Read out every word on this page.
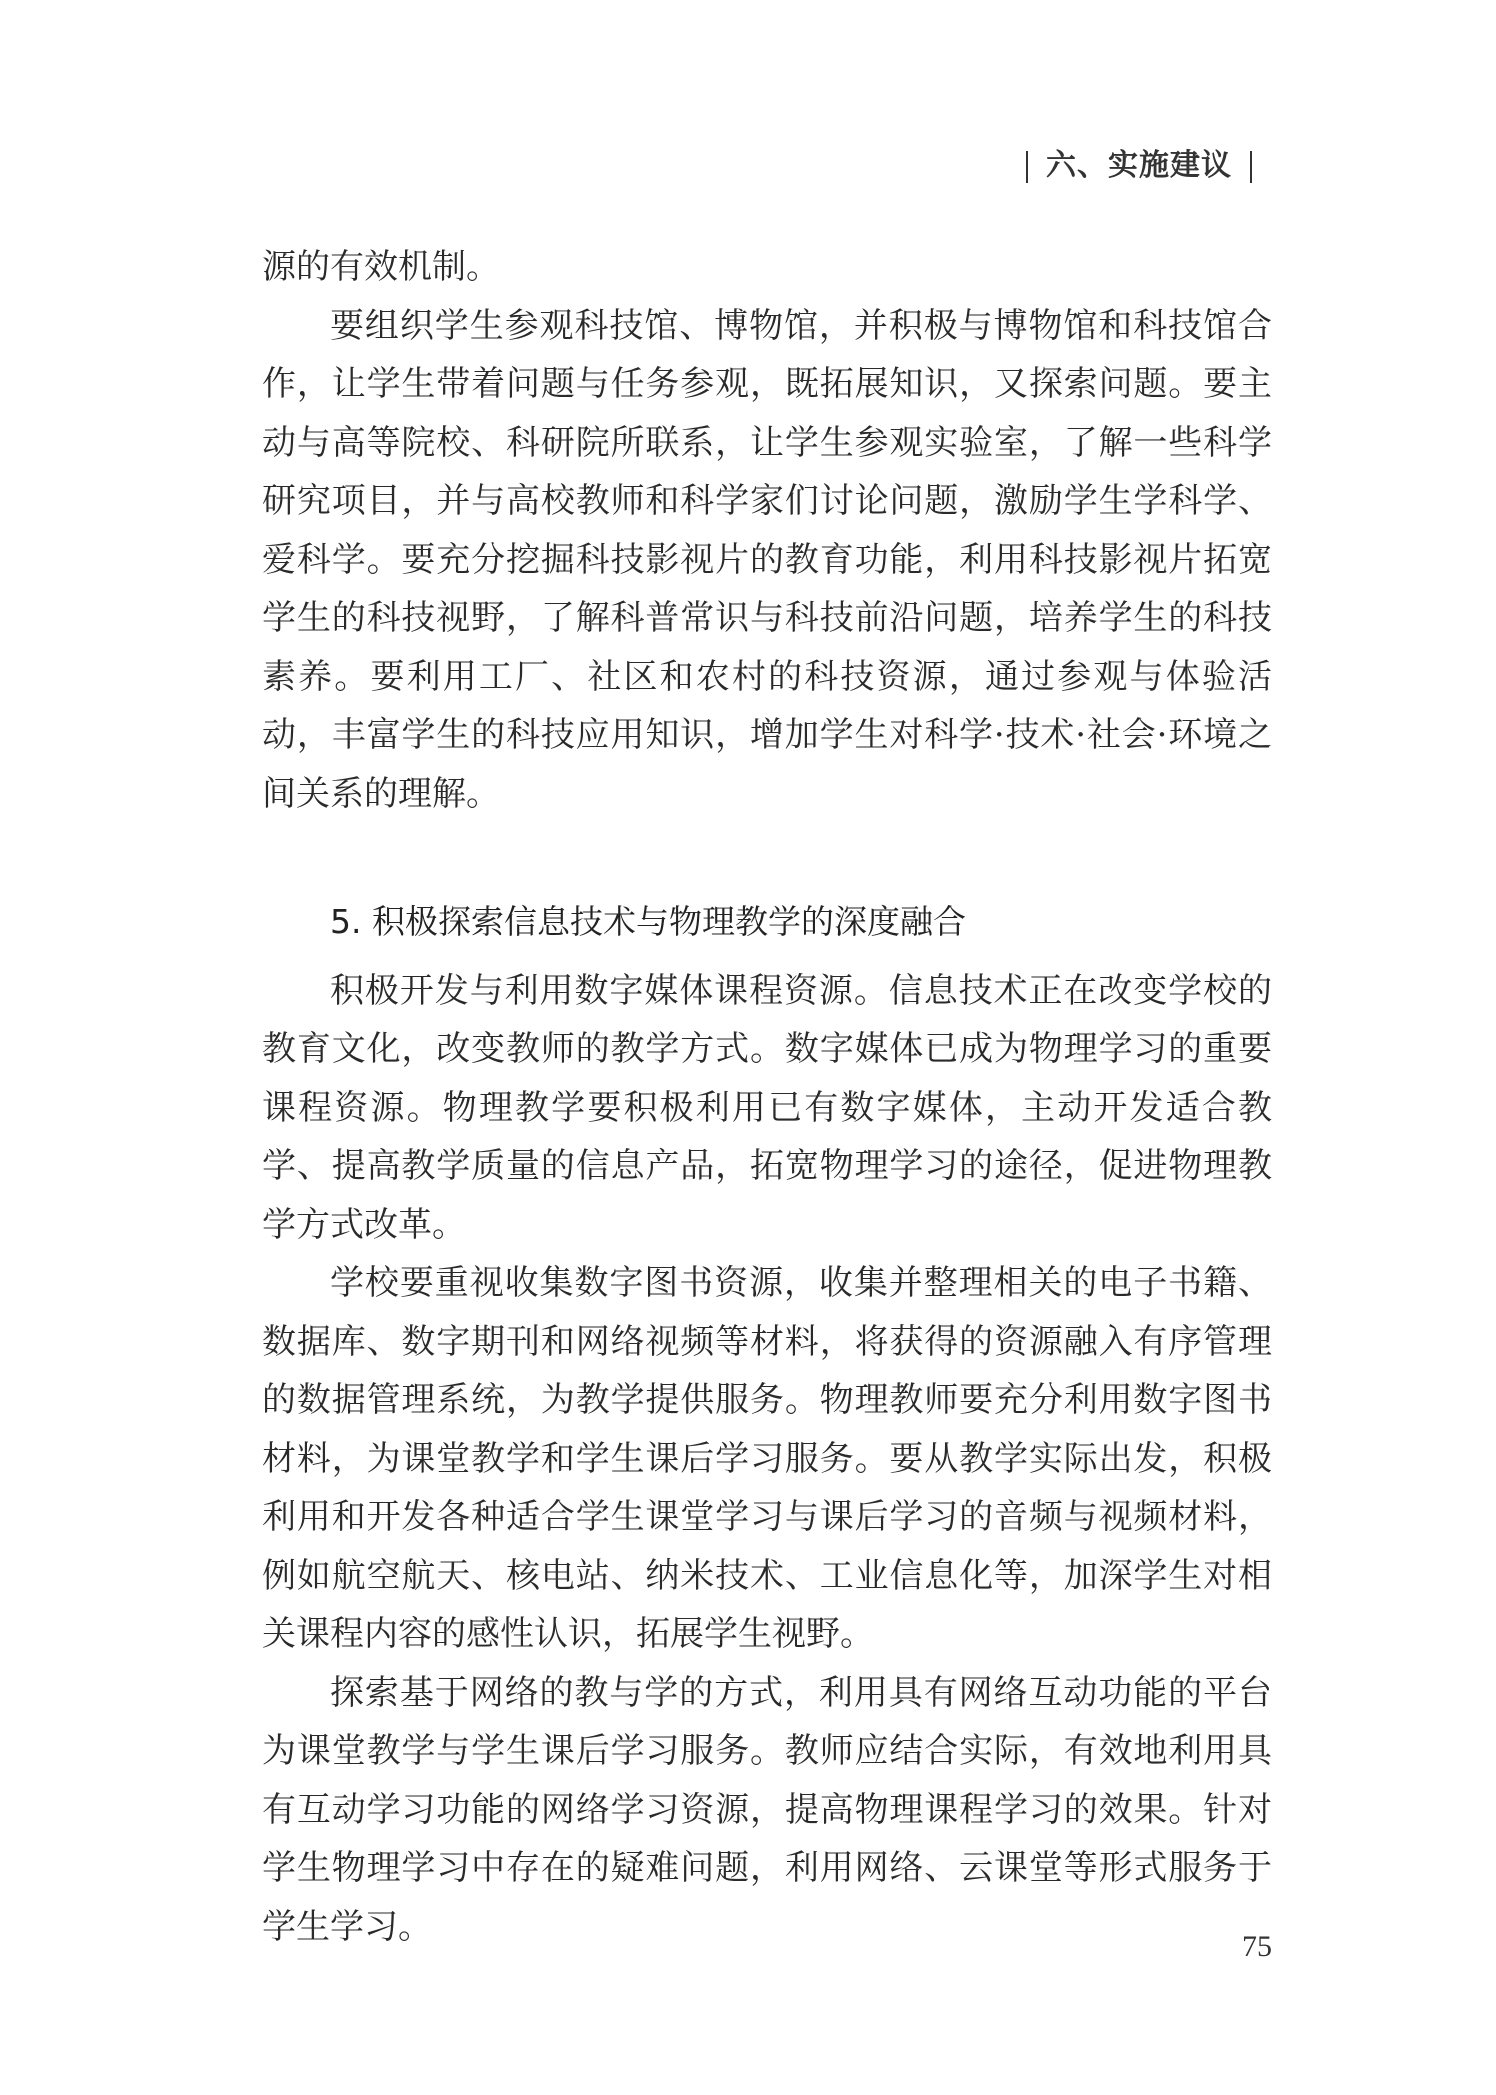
六、实施建议

源的有效机制。

要组织学生参观科技馆、博物馆，并积极与博物馆和科技馆合作，让学生带着问题与任务参观，既拓展知识，又探索问题。要主动与高等院校、科研院所联系，让学生参观实验室，了解一些科学研究项目，并与高校教师和科学家们讨论问题，激励学生学科学、爱科学。要充分挖掘科技影视片的教育功能，利用科技影视片拓宽学生的科技视野，了解科普常识与科技前沿问题，培养学生的科技素养。要利用工厂、社区和农村的科技资源，通过参观与体验活动，丰富学生的科技应用知识，增加学生对科学·技术·社会·环境之间关系的理解。

5. 积极探索信息技术与物理教学的深度融合

积极开发与利用数字媒体课程资源。信息技术正在改变学校的教育文化，改变教师的教学方式。数字媒体已成为物理学习的重要课程资源。物理教学要积极利用已有数字媒体，主动开发适合教学、提高教学质量的信息产品，拓宽物理学习的途径，促进物理教学方式改革。

学校要重视收集数字图书资源，收集并整理相关的电子书籍、数据库、数字期刊和网络视频等材料，将获得的资源融入有序管理的数据管理系统，为教学提供服务。物理教师要充分利用数字图书材料，为课堂教学和学生课后学习服务。要从教学实际出发，积极利用和开发各种适合学生课堂学习与课后学习的音频与视频材料，例如航空航天、核电站、纳米技术、工业信息化等，加深学生对相关课程内容的感性认识，拓展学生视野。

探索基于网络的教与学的方式，利用具有网络互动功能的平台为课堂教学与学生课后学习服务。教师应结合实际，有效地利用具有互动学习功能的网络学习资源，提高物理课程学习的效果。针对学生物理学习中存在的疑难问题，利用网络、云课堂等形式服务于学生学习。	75
